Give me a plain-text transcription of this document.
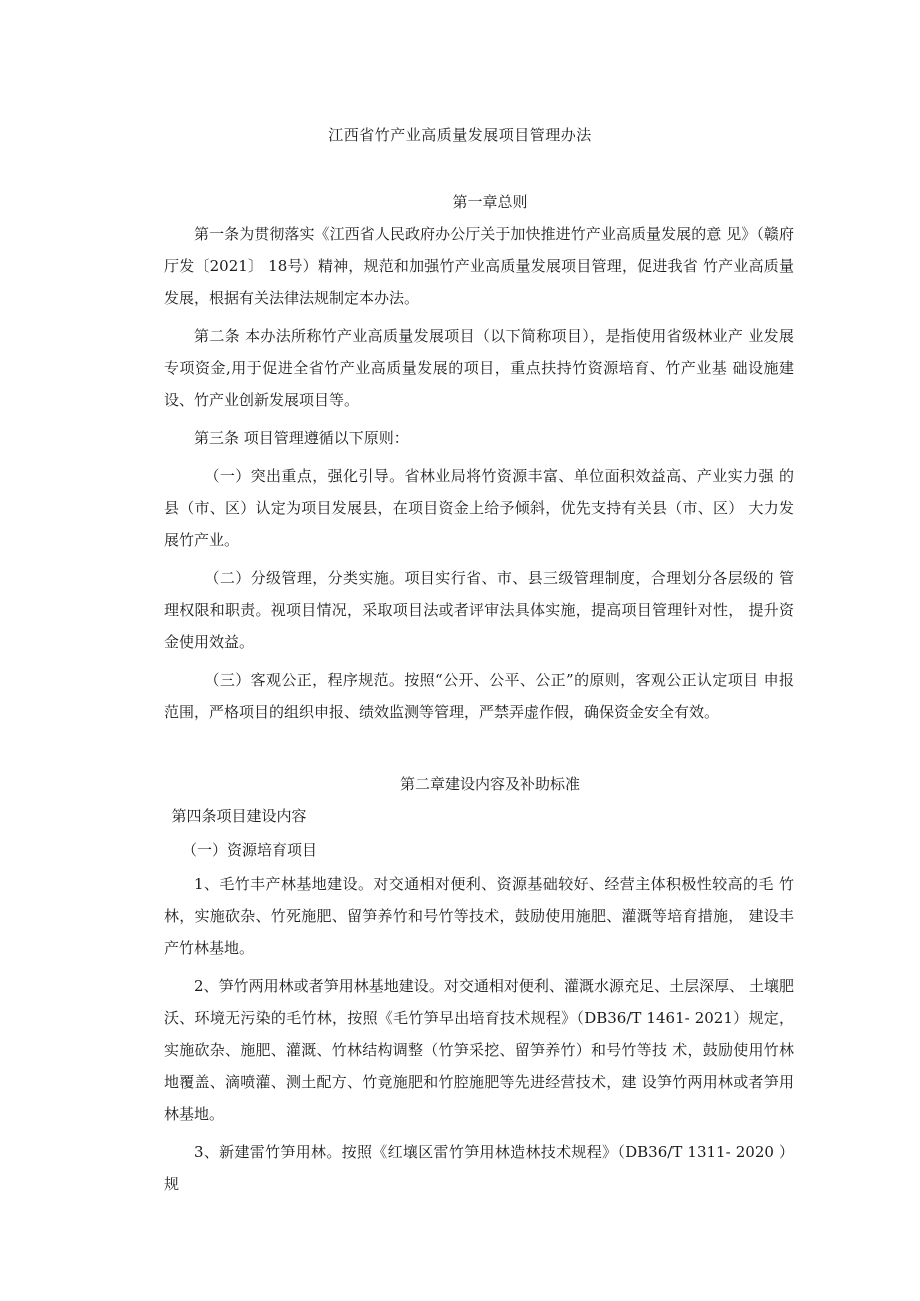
江西省竹产业高质量发展项目管理办法
第一章总则

第一条为贯彻落实《江西省人民政府办公厅关于加快推进竹产业高质量发展的意 见》（赣府厅发〔2021〕 18号）精神，规范和加强竹产业高质量发展项目管理，促进我省 竹产业高质量发展，根据有关法律法规制定本办法。

第二条 本办法所称竹产业高质量发展项目（以下简称项目），是指使用省级林业产 业发展专项资金,用于促进全省竹产业高质量发展的项目，重点扶持竹资源培育、竹产业基 础设施建设、竹产业创新发展项目等。

第三条 项目管理遵循以下原则：

（一）突出重点，强化引导。省林业局将竹资源丰富、单位面积效益高、产业实力强 的县（市、区）认定为项目发展县，在项目资金上给予倾斜，优先支持有关县（市、区） 大力发展竹产业。

（二）分级管理，分类实施。项目实行省、市、县三级管理制度，合理划分各层级的 管理权限和职责。视项目情况，采取项目法或者评审法具体实施，提高项目管理针对性， 提升资金使用效益。

（三）客观公正，程序规范。按照“公开、公平、公正”的原则，客观公正认定项目 申报范围，严格项目的组织申报、绩效监测等管理，严禁弄虚作假，确保资金安全有效。

第二章建设内容及补助标准

第四条项目建设内容

（一）资源培育项目

1、毛竹丰产林基地建设。对交通相对便利、资源基础较好、经营主体积极性较高的毛 竹林，实施砍杂、竹死施肥、留笋养竹和号竹等技术，鼓励使用施肥、灌溉等培育措施， 建设丰产竹林基地。

2、笋竹两用林或者笋用林基地建设。对交通相对便利、灌溉水源充足、土层深厚、 土壤肥沃、环境无污染的毛竹林，按照《毛竹笋早出培育技术规程》（DB36/T 1461- 2021）规定，实施砍杂、施肥、灌溉、竹林结构调整（竹笋采挖、留笋养竹）和号竹等技 术，鼓励使用竹林地覆盖、滴喷灌、测土配方、竹竟施肥和竹腔施肥等先进经营技术，建 设笋竹两用林或者笋用林基地。

3、新建雷竹笋用林。按照《红壤区雷竹笋用林造林技术规程》（DB36/T 1311- 2020 ）规
